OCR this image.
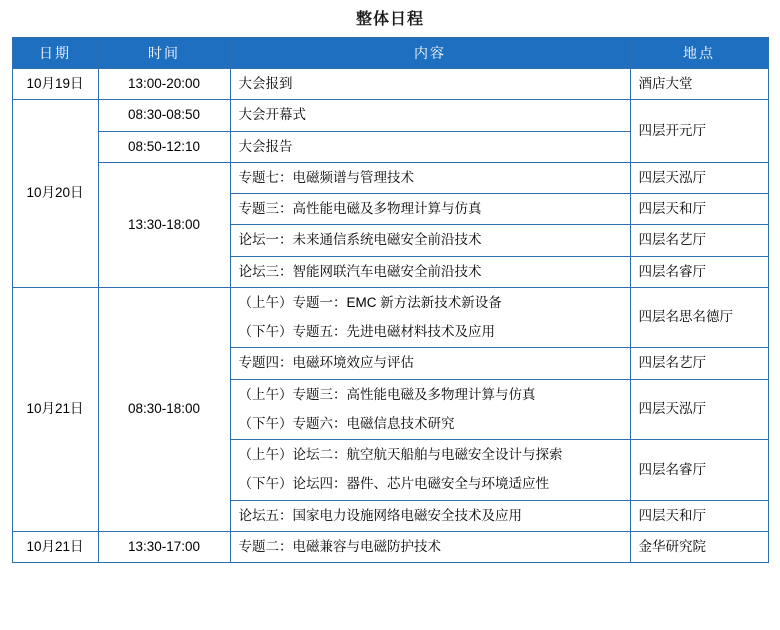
整体日程
日期	时间	内容	地点
10月19日	13:00-20:00	大会报到	酒店大堂
10月20日	08:30-08:50	大会开幕式	四层开元厅
	08:50-12:10	大会报告	

	13:30-18:00	专题七：电磁频谱与管理技术	四层天泓厅

		专题三：高性能电磁及多物理计算与仿真	四层天和厅

		论坛一：未来通信系统电磁安全前沿技术	四层名艺厅

		论坛三：智能网联汽车电磁安全前沿技术	四层名睿厅
10月21日	08:30-18:00	（上午）专题一：EMC 新方法新技术新设备
（下午）专题五：先进电磁材料技术及应用	四层名思名德厅

		专题四：电磁环境效应与评估	四层名艺厅

		（上午）专题三：高性能电磁及多物理计算与仿真
（下午）专题六：电磁信息技术研究	四层天泓厅

		（上午）论坛二：航空航天船舶与电磁安全设计与探索
（下午）论坛四：器件、芯片电磁安全与环境适应性	四层名睿厅

		论坛五：国家电力设施网络电磁安全技术及应用	四层天和厅
10月21日	13:30-17:00	专题二：电磁兼容与电磁防护技术	金华研究院
